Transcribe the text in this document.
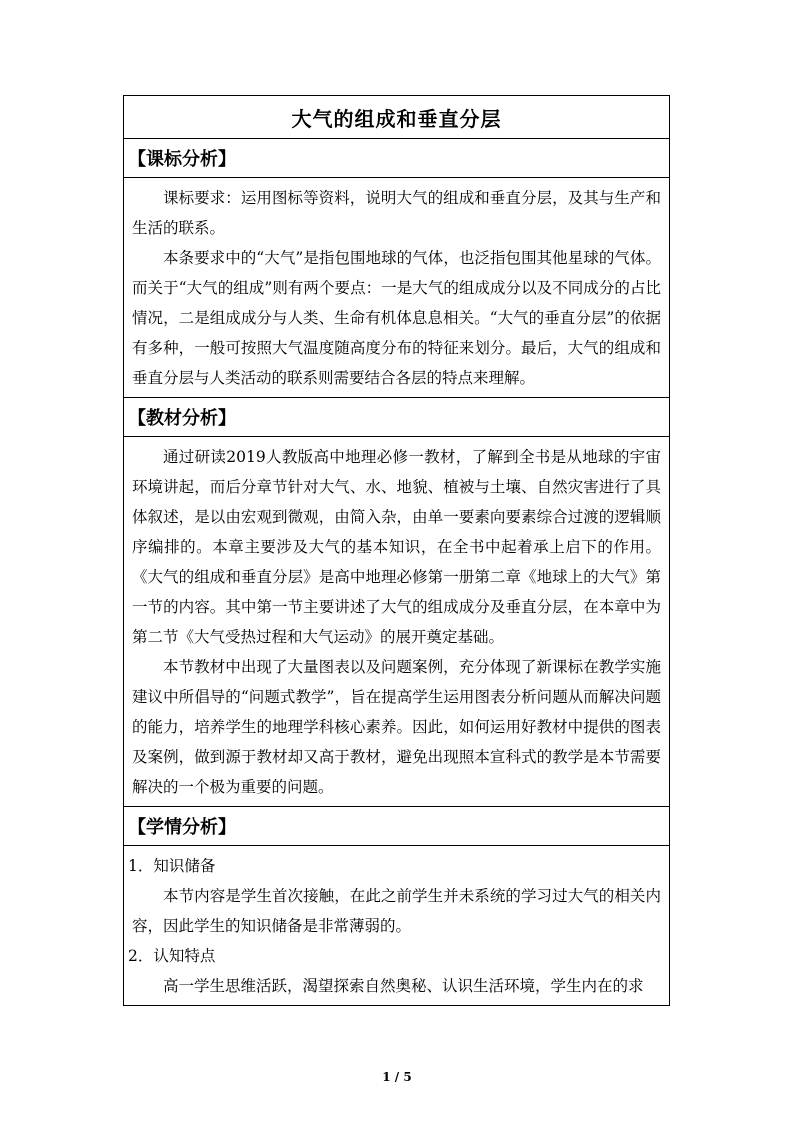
大气的组成和垂直分层
【课标分析】

课标要求：运用图标等资料，说明大气的组成和垂直分层，及其与生产和生活的联系。

本条要求中的“大气”是指包围地球的气体，也泛指包围其他星球的气体。而关于“大气的组成”则有两个要点：一是大气的组成成分以及不同成分的占比情况，二是组成成分与人类、生命有机体息息相关。“大气的垂直分层”的依据有多种，一般可按照大气温度随高度分布的特征来划分。最后，大气的组成和垂直分层与人类活动的联系则需要结合各层的特点来理解。

【教材分析】

通过研读2019人教版高中地理必修一教材，了解到全书是从地球的宇宙环境讲起，而后分章节针对大气、水、地貌、植被与土壤、自然灾害进行了具体叙述，是以由宏观到微观，由简入杂，由单一要素向要素综合过渡的逻辑顺序编排的。本章主要涉及大气的基本知识，在全书中起着承上启下的作用。《大气的组成和垂直分层》是高中地理必修第一册第二章《地球上的大气》第一节的内容。其中第一节主要讲述了大气的组成成分及垂直分层，在本章中为第二节《大气受热过程和大气运动》的展开奠定基础。

本节教材中出现了大量图表以及问题案例，充分体现了新课标在教学实施建议中所倡导的“问题式教学”，旨在提高学生运用图表分析问题从而解决问题的能力，培养学生的地理学科核心素养。因此，如何运用好教材中提供的图表及案例，做到源于教材却又高于教材，避免出现照本宣科式的教学是本节需要解决的一个极为重要的问题。

【学情分析】

1．知识储备

本节内容是学生首次接触，在此之前学生并未系统的学习过大气的相关内容，因此学生的知识储备是非常薄弱的。

2．认知特点

高一学生思维活跃，渴望探索自然奥秘、认识生活环境，学生内在的求

1 / 5
